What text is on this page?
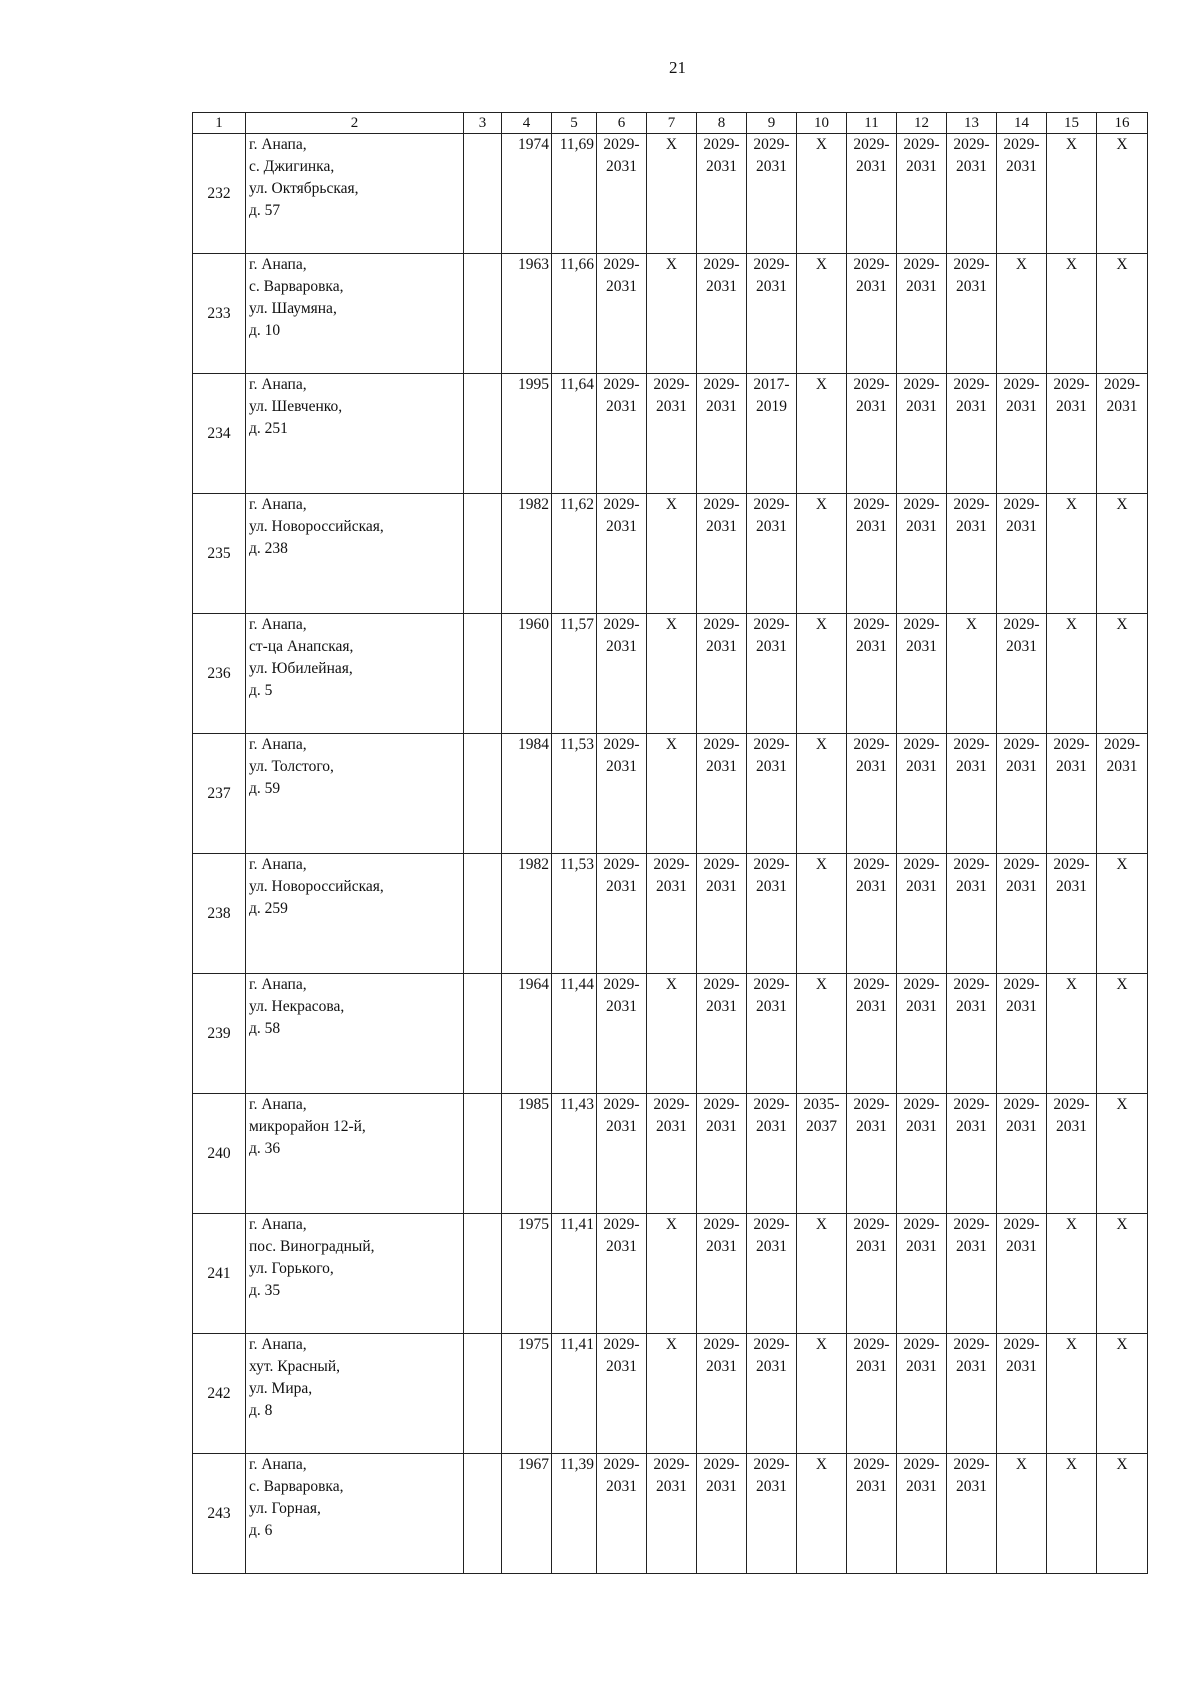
21
1	2	3	4	5	6	7	8	9	10	11	12	13	14	15	16
232	г. Анапа,
с. Джигинка,
ул. Октябрьская,
д. 57		1974	11,69	2029-
2031	X	2029-
2031	2029-
2031	X	2029-
2031	2029-
2031	2029-
2031	2029-
2031	X	X
233	г. Анапа,
с. Варваровка,
ул. Шаумяна,
д. 10		1963	11,66	2029-
2031	X	2029-
2031	2029-
2031	X	2029-
2031	2029-
2031	2029-
2031	X	X	X
234	г. Анапа,
ул. Шевченко,
д. 251		1995	11,64	2029-
2031	2029-
2031	2029-
2031	2017-
2019	X	2029-
2031	2029-
2031	2029-
2031	2029-
2031	2029-
2031	2029-
2031
235	г. Анапа,
ул. Новороссийская,
д. 238		1982	11,62	2029-
2031	X	2029-
2031	2029-
2031	X	2029-
2031	2029-
2031	2029-
2031	2029-
2031	X	X
236	г. Анапа,
ст-ца Анапская,
ул. Юбилейная,
д. 5		1960	11,57	2029-
2031	X	2029-
2031	2029-
2031	X	2029-
2031	2029-
2031	X	2029-
2031	X	X
237	г. Анапа,
ул. Толстого,
д. 59		1984	11,53	2029-
2031	X	2029-
2031	2029-
2031	X	2029-
2031	2029-
2031	2029-
2031	2029-
2031	2029-
2031	2029-
2031
238	г. Анапа,
ул. Новороссийская,
д. 259		1982	11,53	2029-
2031	2029-
2031	2029-
2031	2029-
2031	X	2029-
2031	2029-
2031	2029-
2031	2029-
2031	2029-
2031	X
239	г. Анапа,
ул. Некрасова,
д. 58		1964	11,44	2029-
2031	X	2029-
2031	2029-
2031	X	2029-
2031	2029-
2031	2029-
2031	2029-
2031	X	X
240	г. Анапа,
микрорайон 12-й,
д. 36		1985	11,43	2029-
2031	2029-
2031	2029-
2031	2029-
2031	2035-
2037	2029-
2031	2029-
2031	2029-
2031	2029-
2031	2029-
2031	X
241	г. Анапа,
пос. Виноградный,
ул. Горького,
д. 35		1975	11,41	2029-
2031	X	2029-
2031	2029-
2031	X	2029-
2031	2029-
2031	2029-
2031	2029-
2031	X	X
242	г. Анапа,
хут. Красный,
ул. Мира,
д. 8		1975	11,41	2029-
2031	X	2029-
2031	2029-
2031	X	2029-
2031	2029-
2031	2029-
2031	2029-
2031	X	X
243	г. Анапа,
с. Варваровка,
ул. Горная,
д. 6		1967	11,39	2029-
2031	2029-
2031	2029-
2031	2029-
2031	X	2029-
2031	2029-
2031	2029-
2031	X	X	X
